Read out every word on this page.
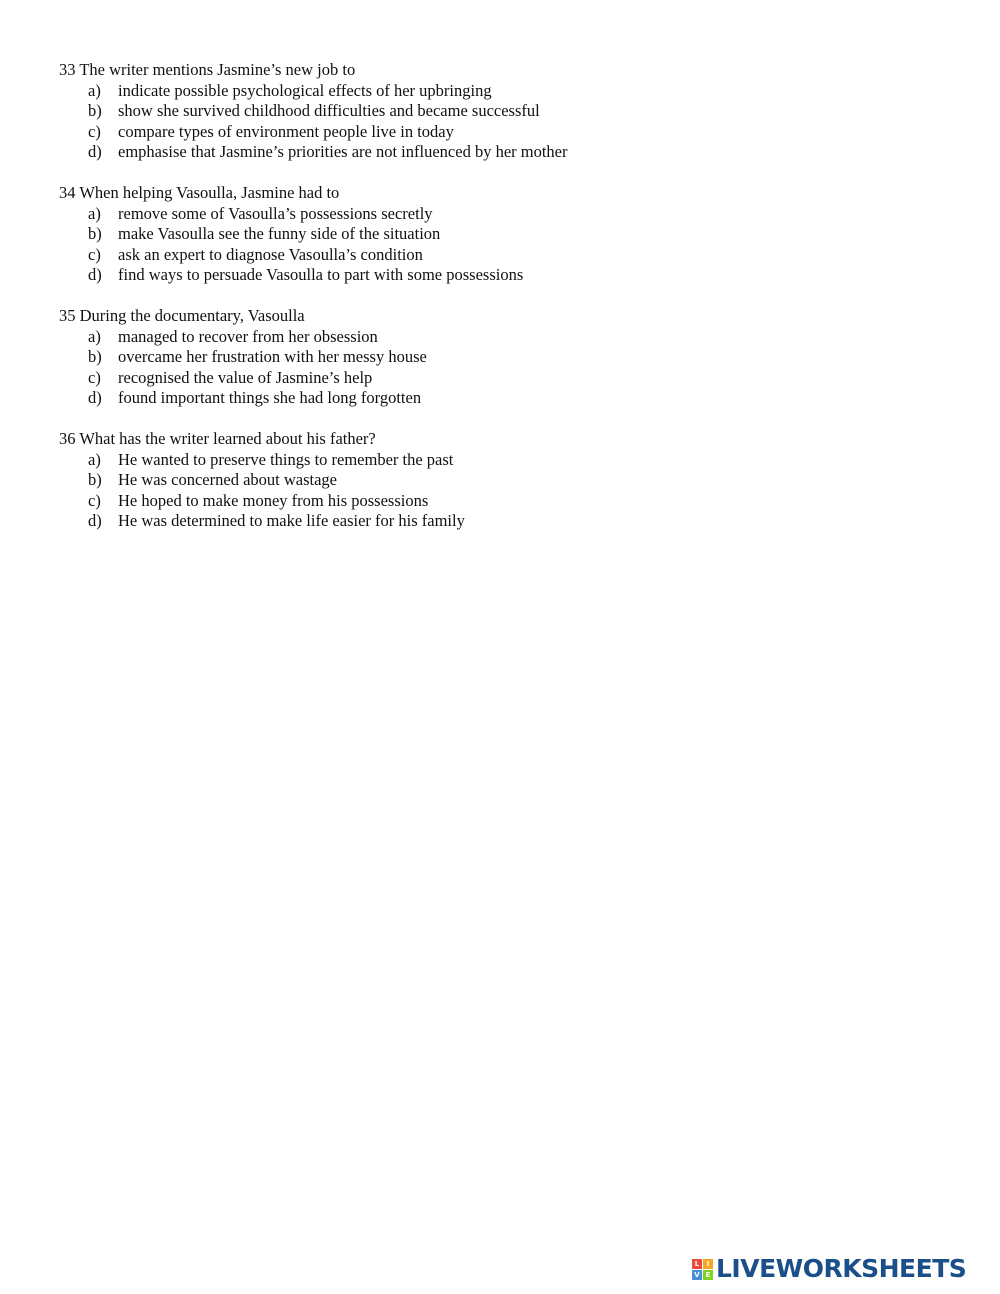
33 The writer mentions Jasmine’s new job to
a)	indicate possible psychological effects of her upbringing
b) show she survived childhood difficulties and became successful
c)	compare types of environment people live in today
d) emphasise that Jasmine’s priorities are not influenced by her mother
34 When helping Vasoulla, Jasmine had to
a)	remove some of Vasoulla’s possessions secretly
b) make Vasoulla see the funny side of the situation
c)	ask an expert to diagnose Vasoulla’s condition
d) find ways to persuade Vasoulla to part with some possessions
35 During the documentary, Vasoulla
a)	managed to recover from her obsession
b) overcame her frustration with her messy house
c)	recognised the value of Jasmine’s help
d) found important things she had long forgotten
36 What has the writer learned about his father?
a)	He wanted to preserve things to remember the past
b) He was concerned about wastage
c)	He hoped to make money from his possessions
d) He was determined to make life easier for his family
L	I
V E LIVEWORKSHEETS
